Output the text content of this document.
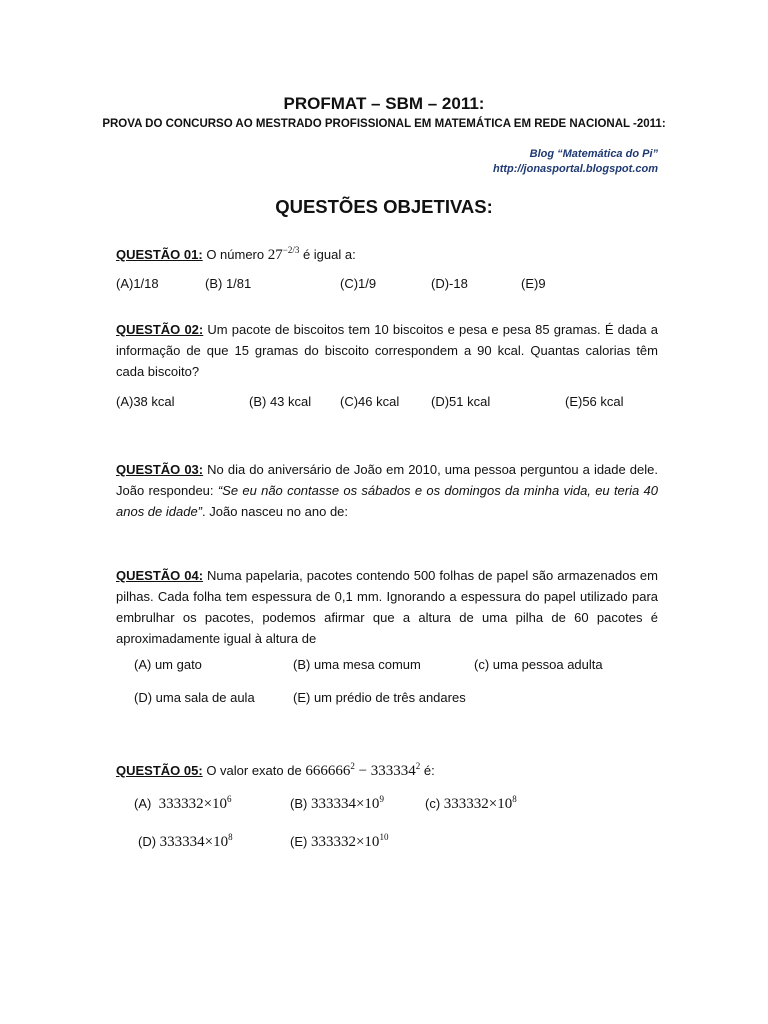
PROFMAT – SBM – 2011:
PROVA DO CONCURSO AO MESTRADO PROFISSIONAL EM MATEMÁTICA EM REDE NACIONAL -2011:
Blog “Matemática do Pi”
http://jonasportal.blogspot.com
QUESTÕES OBJETIVAS:
QUESTÃO 01: O número $27^{-2/3}$ é igual a:
(A)1/18	(B) 1/81	(C)1/9	(D)-18	(E)9
QUESTÃO 02: Um pacote de biscoitos tem 10 biscoitos e pesa e pesa 85 gramas. É dada a informação de que 15 gramas do biscoito correspondem a 90 kcal. Quantas calorias têm cada biscoito?
(A)38 kcal	(B) 43 kcal (C)46 kcal (D)51 kcal	(E)56 kcal
QUESTÃO 03: No dia do aniversário de João em 2010, uma pessoa perguntou a idade dele. João respondeu: “Se eu não contasse os sábados e os domingos da minha vida, eu teria 40 anos de idade”. João nasceu no ano de:
QUESTÃO 04: Numa papelaria, pacotes contendo 500 folhas de papel são armazenados em pilhas. Cada folha tem espessura de 0,1 mm. Ignorando a espessura do papel utilizado para embrulhar os pacotes, podemos afirmar que a altura de uma pilha de 60 pacotes é aproximadamente igual à altura de
(A) um gato	(B) uma mesa comum	(c) uma pessoa adulta
(D) uma sala de aula	(E) um prédio de três andares
QUESTÃO 05: O valor exato de $666666^2 - 333334^2$ é:
(A) $333332\times 10^6$	(B) $333334\times 10^9$	(c) $333332\times 10^8$
(D) $333334\times 10^8$	(E) $333332\times 10^{10}$
